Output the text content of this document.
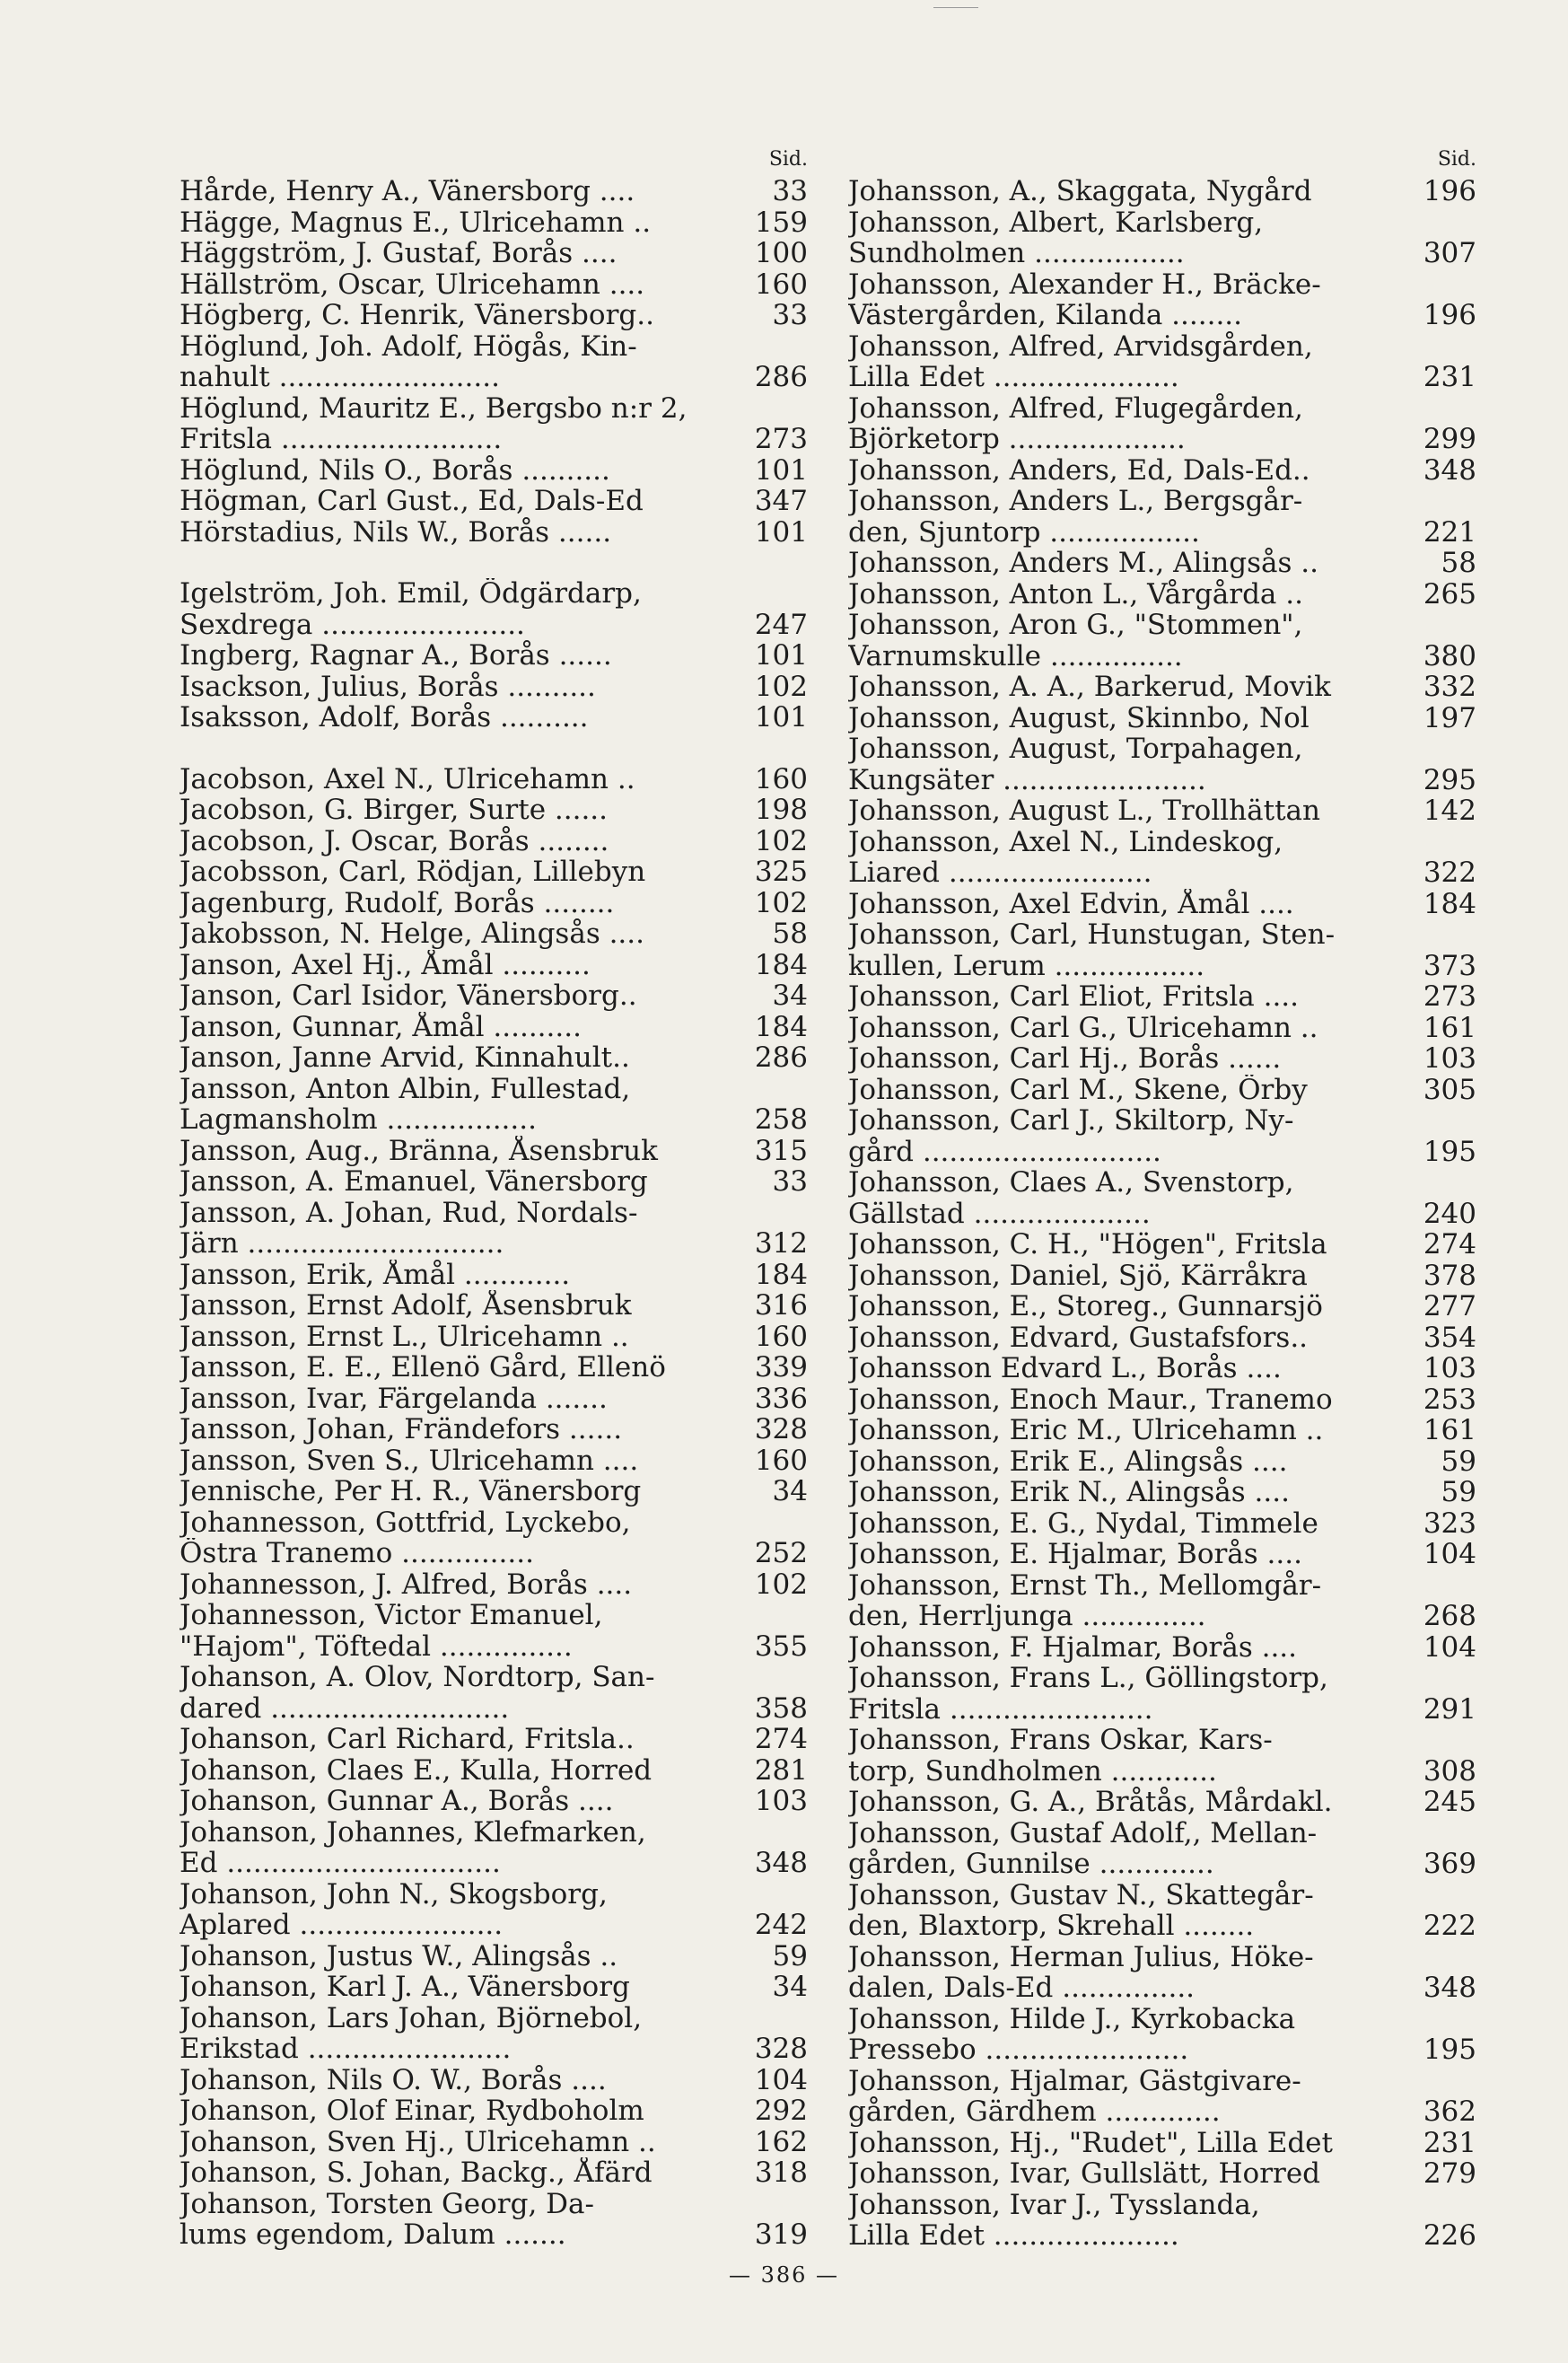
Sid.
Hårde, Henry A., Vänersborg ....	33
Hägge, Magnus E., Ulricehamn ..	159
Häggström, J. Gustaf, Borås ....	100
Hällström, Oscar, Ulricehamn ....	160
Högberg, C. Henrik, Vänersborg..	33
Höglund, Joh. Adolf, Högås, Kin-
nahult .........................	286
Höglund, Mauritz E., Bergsbo n:r 2,
Fritsla .........................	273
Höglund, Nils O., Borås ..........	101
Högman, Carl Gust., Ed, Dals-Ed	347
Hörstadius, Nils W., Borås ......	101
Igelström, Joh. Emil, Ödgärdarp,
Sexdrega .......................	247
Ingberg, Ragnar A., Borås ......	101
Isackson, Julius, Borås ..........	102
Isaksson, Adolf, Borås ..........	101
Jacobson, Axel N., Ulricehamn ..	160
Jacobson, G. Birger, Surte ......	198
Jacobson, J. Oscar, Borås ........	102
Jacobsson, Carl, Rödjan, Lillebyn	325
Jagenburg, Rudolf, Borås ........	102
Jakobsson, N. Helge, Alingsås ....	58
Janson, Axel Hj., Åmål ..........	184
Janson, Carl Isidor, Vänersborg..	34
Janson, Gunnar, Åmål ..........	184
Janson, Janne Arvid, Kinnahult..	286
Jansson, Anton Albin, Fullestad,
Lagmansholm .................	258
Jansson, Aug., Bränna, Åsensbruk	315
Jansson, A. Emanuel, Vänersborg	33
Jansson, A. Johan, Rud, Nordals-
Järn .............................	312
Jansson, Erik, Åmål ............	184
Jansson, Ernst Adolf, Åsensbruk	316
Jansson, Ernst L., Ulricehamn ..	160
Jansson, E. E., Ellenö Gård, Ellenö	339
Jansson, Ivar, Färgelanda .......	336
Jansson, Johan, Frändefors ......	328
Jansson, Sven S., Ulricehamn ....	160
Jennische, Per H. R., Vänersborg	34
Johannesson, Gottfrid, Lyckebo,
Östra Tranemo ...............	252
Johannesson, J. Alfred, Borås ....	102
Johannesson, Victor Emanuel,
"Hajom", Töftedal ...............	355
Johanson, A. Olov, Nordtorp, San-
dared ...........................	358
Johanson, Carl Richard, Fritsla..	274
Johanson, Claes E., Kulla, Horred	281
Johanson, Gunnar A., Borås ....	103
Johanson, Johannes, Klefmarken,
Ed ...............................	348
Johanson, John N., Skogsborg,
Aplared .......................	242
Johanson, Justus W., Alingsås ..	59
Johanson, Karl J. A., Vänersborg	34
Johanson, Lars Johan, Björnebol,
Erikstad .......................	328
Johanson, Nils O. W., Borås ....	104
Johanson, Olof Einar, Rydboholm	292
Johanson, Sven Hj., Ulricehamn ..	162
Johanson, S. Johan, Backg., Åfärd	318
Johanson, Torsten Georg, Da-
lums egendom, Dalum .......	319
Sid.
Johansson, A., Skaggata, Nygård	196
Johansson, Albert, Karlsberg,
Sundholmen .................	307
Johansson, Alexander H., Bräcke-
Västergården, Kilanda ........	196
Johansson, Alfred, Arvidsgården,
Lilla Edet .....................	231
Johansson, Alfred, Flugegården,
Björketorp ....................	299
Johansson, Anders, Ed, Dals-Ed..	348
Johansson, Anders L., Bergsgår-
den, Sjuntorp .................	221
Johansson, Anders M., Alingsås ..	58
Johansson, Anton L., Vårgårda ..	265
Johansson, Aron G., "Stommen",
Varnumskulle ...............	380
Johansson, A. A., Barkerud, Movik	332
Johansson, August, Skinnbo, Nol	197
Johansson, August, Torpahagen,
Kungsäter .......................	295
Johansson, August L., Trollhättan	142
Johansson, Axel N., Lindeskog,
Liared .......................	322
Johansson, Axel Edvin, Åmål ....	184
Johansson, Carl, Hunstugan, Sten-
kullen, Lerum .................	373
Johansson, Carl Eliot, Fritsla ....	273
Johansson, Carl G., Ulricehamn ..	161
Johansson, Carl Hj., Borås ......	103
Johansson, Carl M., Skene, Örby	305
Johansson, Carl J., Skiltorp, Ny-
gård ...........................	195
Johansson, Claes A., Svenstorp,
Gällstad ....................	240
Johansson, C. H., "Högen", Fritsla	274
Johansson, Daniel, Sjö, Kärråkra	378
Johansson, E., Storeg., Gunnarsjö	277
Johansson, Edvard, Gustafsfors..	354
Johansson Edvard L., Borås ....	103
Johansson, Enoch Maur., Tranemo	253
Johansson, Eric M., Ulricehamn ..	161
Johansson, Erik E., Alingsås ....	59
Johansson, Erik N., Alingsås ....	59
Johansson, E. G., Nydal, Timmele	323
Johansson, E. Hjalmar, Borås ....	104
Johansson, Ernst Th., Mellomgår-
den, Herrljunga ..............	268
Johansson, F. Hjalmar, Borås ....	104
Johansson, Frans L., Göllingstorp,
Fritsla .......................	291
Johansson, Frans Oskar, Kars-
torp, Sundholmen ............	308
Johansson, G. A., Bråtås, Mårdakl.	245
Johansson, Gustaf Adolf,, Mellan-
gården, Gunnilse .............	369
Johansson, Gustav N., Skattegår-
den, Blaxtorp, Skrehall ........	222
Johansson, Herman Julius, Höke-
dalen, Dals-Ed ...............	348
Johansson, Hilde J., Kyrkobacka
Pressebo .......................	195
Johansson, Hjalmar, Gästgivare-
gården, Gärdhem .............	362
Johansson, Hj., "Rudet", Lilla Edet	231
Johansson, Ivar, Gullslätt, Horred	279
Johansson, Ivar J., Tysslanda,
Lilla Edet .....................	226
— 386 —
